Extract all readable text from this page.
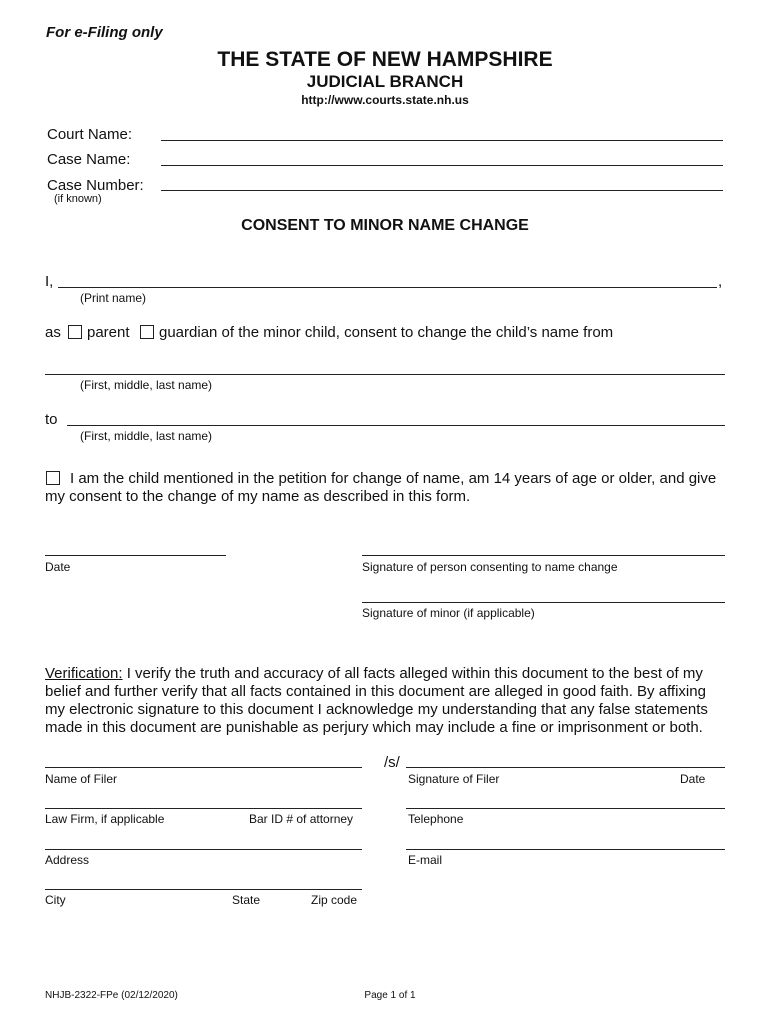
For e-Filing only
THE STATE OF NEW HAMPSHIRE
JUDICIAL BRANCH
http://www.courts.state.nh.us
Court Name:
Case Name:
Case Number:
(if known)
CONSENT TO MINOR NAME CHANGE
I,	,
(Print name)
as parent guardian of the minor child, consent to change the child’s name from
(First, middle, last name)
to
(First, middle, last name)
I am the child mentioned in the petition for change of name, am 14 years of age or older, and give
my consent to the change of my name as described in this form.
Date	Signature of person consenting to name change
Signature of minor (if applicable)
Verification: I verify the truth and accuracy of all facts alleged within this document to the best of my
belief and further verify that all facts contained in this document are alleged in good faith. By affixing
my electronic signature to this document I acknowledge my understanding that any false statements
made in this document are punishable as perjury which may include a fine or imprisonment or both.
/s/
Name of Filer	Signature of Filer	Date
Law Firm, if applicable	Bar ID # of attorney	Telephone
Address	E-mail
City	State	Zip code
NHJB-2322-FPe (02/12/2020)	Page 1 of 1
